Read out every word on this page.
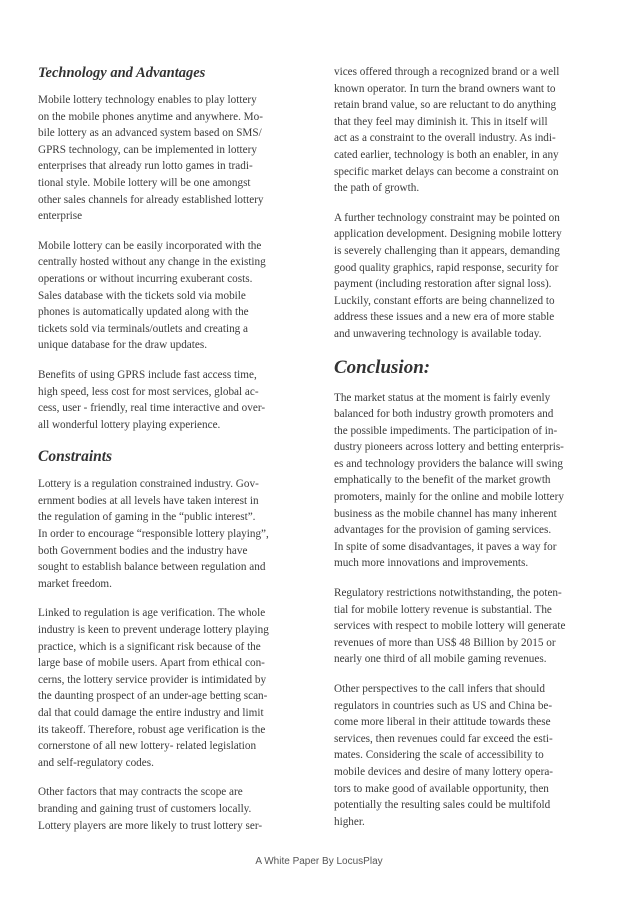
Technology and Advantages

Mobile lottery technology enables to play lottery
on the mobile phones anytime and anywhere. Mo-
bile lottery as an advanced system based on SMS/
GPRS technology, can be implemented in lottery
enterprises that already run lotto games in tradi-
tional style. Mobile lottery will be one amongst
other sales channels for already established lottery
enterprise

Mobile lottery can be easily incorporated with the
centrally hosted without any change in the existing
operations or without incurring exuberant costs.
Sales database with the tickets sold via mobile
phones is automatically updated along with the
tickets sold via terminals/outlets and creating a
unique database for the draw updates.

Benefits of using GPRS include fast access time,
high speed, less cost for most services, global ac-
cess, user - friendly, real time interactive and over-
all wonderful lottery playing experience.

Constraints

Lottery is a regulation constrained industry. Gov-
ernment bodies at all levels have taken interest in
the regulation of gaming in the “public interest”.
In order to encourage “responsible lottery playing”,
both Government bodies and the industry have
sought to establish balance between regulation and
market freedom.

Linked to regulation is age verification. The whole
industry is keen to prevent underage lottery playing
practice, which is a significant risk because of the
large base of mobile users. Apart from ethical con-
cerns, the lottery service provider is intimidated by
the daunting prospect of an under-age betting scan-
dal that could damage the entire industry and limit
its takeoff. Therefore, robust age verification is the
cornerstone of all new lottery- related legislation
and self-regulatory codes.

Other factors that may contracts the scope are
branding and gaining trust of customers locally.
Lottery players are more likely to trust lottery ser-

vices offered through a recognized brand or a well
known operator. In turn the brand owners want to
retain brand value, so are reluctant to do anything
that they feel may diminish it. This in itself will
act as a constraint to the overall industry. As indi-
cated earlier, technology is both an enabler, in any
specific market delays can become a constraint on
the path of growth.

A further technology constraint may be pointed on
application development. Designing mobile lottery
is severely challenging than it appears, demanding
good quality graphics, rapid response, security for
payment (including restoration after signal loss).
Luckily, constant efforts are being channelized to
address these issues and a new era of more stable
and unwavering technology is available today.

Conclusion:

The market status at the moment is fairly evenly
balanced for both industry growth promoters and
the possible impediments. The participation of in-
dustry pioneers across lottery and betting enterpris-
es and technology providers the balance will swing
emphatically to the benefit of the market growth
promoters, mainly for the online and mobile lottery
business as the mobile channel has many inherent
advantages for the provision of gaming services.
In spite of some disadvantages, it paves a way for
much more innovations and improvements.

Regulatory restrictions notwithstanding, the poten-
tial for mobile lottery revenue is substantial. The
services with respect to mobile lottery will generate
revenues of more than US$ 48 Billion by 2015 or
nearly one third of all mobile gaming revenues.

Other perspectives to the call infers that should
regulators in countries such as US and China be-
come more liberal in their attitude towards these
services, then revenues could far exceed the esti-
mates. Considering the scale of accessibility to
mobile devices and desire of many lottery opera-
tors to make good of available opportunity, then
potentially the resulting sales could be multifold
higher.

A White Paper By LocusPlay
